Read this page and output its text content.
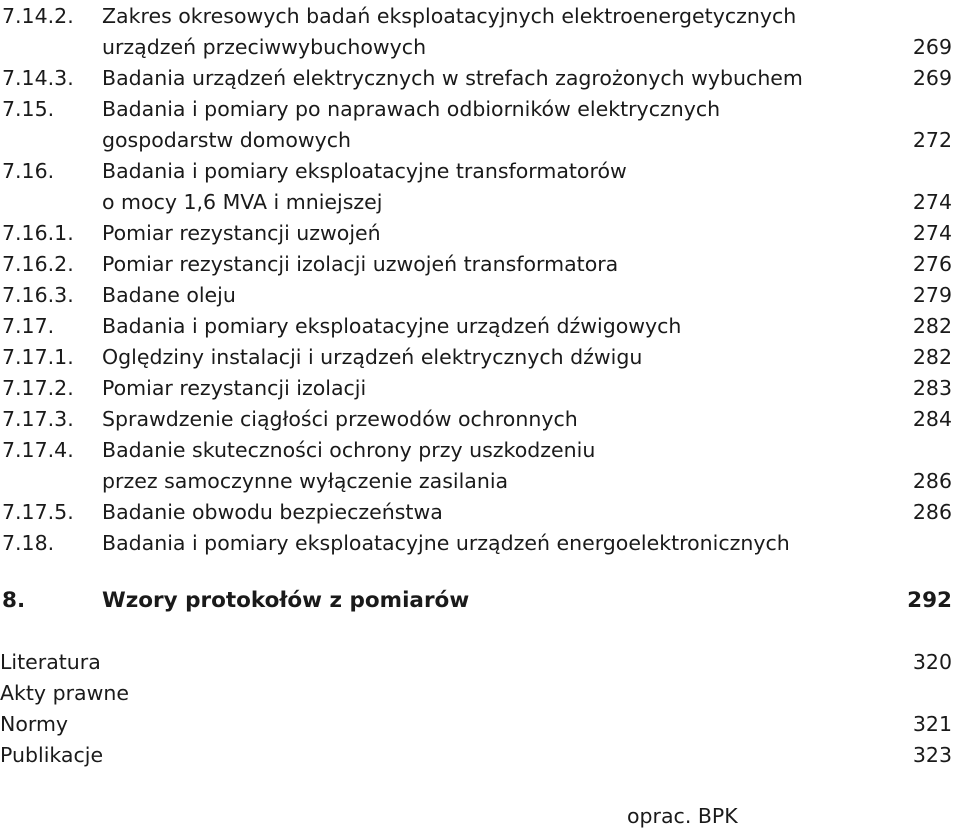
7.14.2. Zakres okresowych badań eksploatacyjnych elektroenergetycznych
urządzeń przeciwwybuchowych	269
7.14.3. Badania urządzeń elektrycznych w strefach zagrożonych wybuchem	269
7.15. Badania i pomiary po naprawach odbiorników elektrycznych
gospodarstw domowych	272
7.16. Badania i pomiary eksploatacyjne transformatorów
o mocy 1,6 MVA i mniejszej	274
7.16.1. Pomiar rezystancji uzwojeń	274
7.16.2. Pomiar rezystancji izolacji uzwojeń transformatora	276
7.16.3. Badane oleju	279
7.17. Badania i pomiary eksploatacyjne urządzeń dźwigowych	282
7.17.1. Oględziny instalacji i urządzeń elektrycznych dźwigu	282
7.17.2. Pomiar rezystancji izolacji	283
7.17.3. Sprawdzenie ciągłości przewodów ochronnych	284
7.17.4. Badanie skuteczności ochrony przy uszkodzeniu
przez samoczynne wyłączenie zasilania	286
7.17.5. Badanie obwodu bezpieczeństwa	286
7.18. Badania i pomiary eksploatacyjne urządzeń energoelektronicznych
8.	Wzory protokołów z pomiarów	292
Literatura	320
Akty prawne
Normy	321
Publikacje	323
oprac. BPK
